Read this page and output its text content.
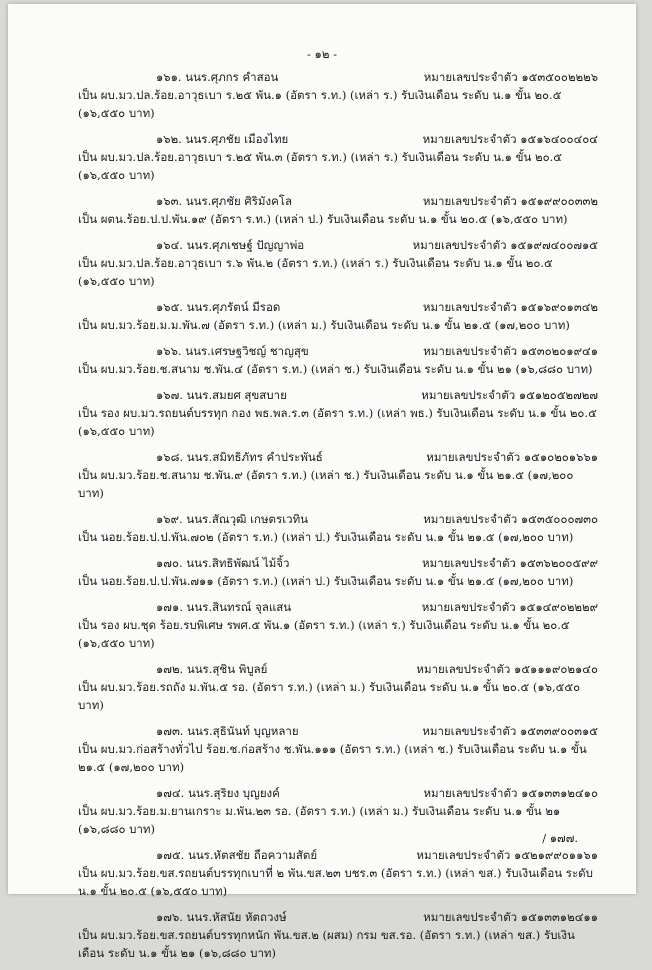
- ๑๒ -
๑๖๑. นนร.ศุภกร คำสอน	หมายเลขประจำตัว ๑๕๓๕๐๐๒๒๒๖
เป็น ผบ.มว.ปล.ร้อย.อาวุธเบา ร.๒๕ พัน.๑ (อัตรา ร.ท.) (เหล่า ร.) รับเงินเดือน ระดับ น.๑ ขั้น ๒๐.๕ (๑๖,๕๕๐ บาท)
๑๖๒. นนร.ศุภชัย เมืองไทย	หมายเลขประจำตัว ๑๕๑๖๔๐๐๔๐๔
เป็น ผบ.มว.ปล.ร้อย.อาวุธเบา ร.๒๕ พัน.๓ (อัตรา ร.ท.) (เหล่า ร.) รับเงินเดือน ระดับ น.๑ ขั้น ๒๐.๕ (๑๖,๕๕๐ บาท)
๑๖๓. นนร.ศุภชัย ศิริมังคโล	หมายเลขประจำตัว ๑๕๑๙๙๐๐๓๓๒
เป็น ผตน.ร้อย.ป.ป.พัน.๑๙ (อัตรา ร.ท.) (เหล่า ป.) รับเงินเดือน ระดับ น.๑ ขั้น ๒๐.๕ (๑๖,๕๕๐ บาท)
๑๖๔. นนร.ศุภเชษฐ์ ปัญญาพ่อ	หมายเลขประจำตัว ๑๕๑๙๗๔๐๐๗๑๕
เป็น ผบ.มว.ปล.ร้อย.อาวุธเบา ร.๖ พัน.๒ (อัตรา ร.ท.) (เหล่า ร.) รับเงินเดือน ระดับ น.๑ ขั้น ๒๐.๕ (๑๖,๕๕๐ บาท)
๑๖๕. นนร.ศุภรัตน์ มีรอด	หมายเลขประจำตัว ๑๕๑๖๙๐๑๓๔๒
เป็น ผบ.มว.ร้อย.ม.ม.พัน.๗ (อัตรา ร.ท.) (เหล่า ม.) รับเงินเดือน ระดับ น.๑ ขั้น ๒๑.๕ (๑๗,๒๐๐ บาท)
๑๖๖. นนร.เศรษฐวิชญ์ ชาญสุข	หมายเลขประจำตัว ๑๕๓๐๒๐๑๙๔๑
เป็น ผบ.มว.ร้อย.ช.สนาม ช.พัน.๔ (อัตรา ร.ท.) (เหล่า ช.) รับเงินเดือน ระดับ น.๑ ขั้น ๒๑ (๑๖,๘๘๐ บาท)
๑๖๗. นนร.สมยศ สุขสบาย	หมายเลขประจำตัว ๑๕๑๒๐๕๒๗๒๗
เป็น รอง ผบ.มว.รถยนต์บรรทุก กอง พธ.พล.ร.๓ (อัตรา ร.ท.) (เหล่า พธ.) รับเงินเดือน ระดับ น.๑ ขั้น ๒๐.๕ (๑๖,๕๕๐ บาท)
๑๖๘. นนร.สมิทธิภัทร คำประพันธ์	หมายเลขประจำตัว ๑๕๑๐๒๐๑๖๖๑
เป็น ผบ.มว.ร้อย.ช.สนาม ช.พัน.๙ (อัตรา ร.ท.) (เหล่า ช.) รับเงินเดือน ระดับ น.๑ ขั้น ๒๑.๕ (๑๗,๒๐๐ บาท)
๑๖๙. นนร.สัณวุฒิ เกษตรเวทิน	หมายเลขประจำตัว ๑๕๓๕๐๐๐๗๓๐
เป็น นอย.ร้อย.ป.ป.พัน.๗๐๒ (อัตรา ร.ท.) (เหล่า ป.) รับเงินเดือน ระดับ น.๑ ขั้น ๒๑.๕ (๑๗,๒๐๐ บาท)
๑๗๐. นนร.สิทธิพัฒน์ ไม้จิ้ว	หมายเลขประจำตัว ๑๕๓๖๒๐๐๕๙๙
เป็น นอย.ร้อย.ป.ป.พัน.๗๑๑ (อัตรา ร.ท.) (เหล่า ป.) รับเงินเดือน ระดับ น.๑ ขั้น ๒๑.๕ (๑๗,๒๐๐ บาท)
๑๗๑. นนร.สินทรณ์ จุลแสน	หมายเลขประจำตัว ๑๕๑๔๙๐๒๒๒๙
เป็น รอง ผบ.ชุด ร้อย.รบพิเศษ รพศ.๕ พัน.๑ (อัตรา ร.ท.) (เหล่า ร.) รับเงินเดือน ระดับ น.๑ ขั้น ๒๐.๕ (๑๖,๕๕๐ บาท)
๑๗๒. นนร.สุชิน พิบูลย์	หมายเลขประจำตัว ๑๕๑๑๑๙๐๒๑๔๐
เป็น ผบ.มว.ร้อย.รถถัง ม.พัน.๕ รอ. (อัตรา ร.ท.) (เหล่า ม.) รับเงินเดือน ระดับ น.๑ ขั้น ๒๐.๕ (๑๖,๕๕๐ บาท)
๑๗๓. นนร.สุธินันท์ บุญหลาย	หมายเลขประจำตัว ๑๕๓๓๙๐๐๓๑๕
เป็น ผบ.มว.ก่อสร้างทั่วไป ร้อย.ช.ก่อสร้าง ช.พัน.๑๑๑ (อัตรา ร.ท.) (เหล่า ช.) รับเงินเดือน ระดับ น.๑ ขั้น ๒๑.๕ (๑๗,๒๐๐ บาท)
๑๗๔. นนร.สุริยง บุญยงค์	หมายเลขประจำตัว ๑๕๑๓๓๑๒๔๑๐
เป็น ผบ.มว.ร้อย.ม.ยานเกราะ ม.พัน.๒๓ รอ. (อัตรา ร.ท.) (เหล่า ม.) รับเงินเดือน ระดับ น.๑ ขั้น ๒๑ (๑๖,๘๘๐ บาท)
๑๗๕. นนร.หัตสชัย ถือความสัตย์	หมายเลขประจำตัว ๑๕๒๑๙๙๐๑๑๖๑
เป็น ผบ.มว.ร้อย.ขส.รถยนต์บรรทุกเบาที่ ๒ พัน.ขส.๒๓ บชร.๓ (อัตรา ร.ท.) (เหล่า ขส.) รับเงินเดือน ระดับ น.๑ ขั้น ๒๐.๕ (๑๖,๕๕๐ บาท)
๑๗๖. นนร.หัสนัย หัตถวงษ์	หมายเลขประจำตัว ๑๕๑๓๓๑๒๔๑๑
เป็น ผบ.มว.ร้อย.ขส.รถยนต์บรรทุกหนัก พัน.ขส.๒ (ผสม) กรม ขส.รอ. (อัตรา ร.ท.) (เหล่า ขส.) รับเงินเดือน ระดับ น.๑ ขั้น ๒๑ (๑๖,๘๘๐ บาท)
/ ๑๗๗.
